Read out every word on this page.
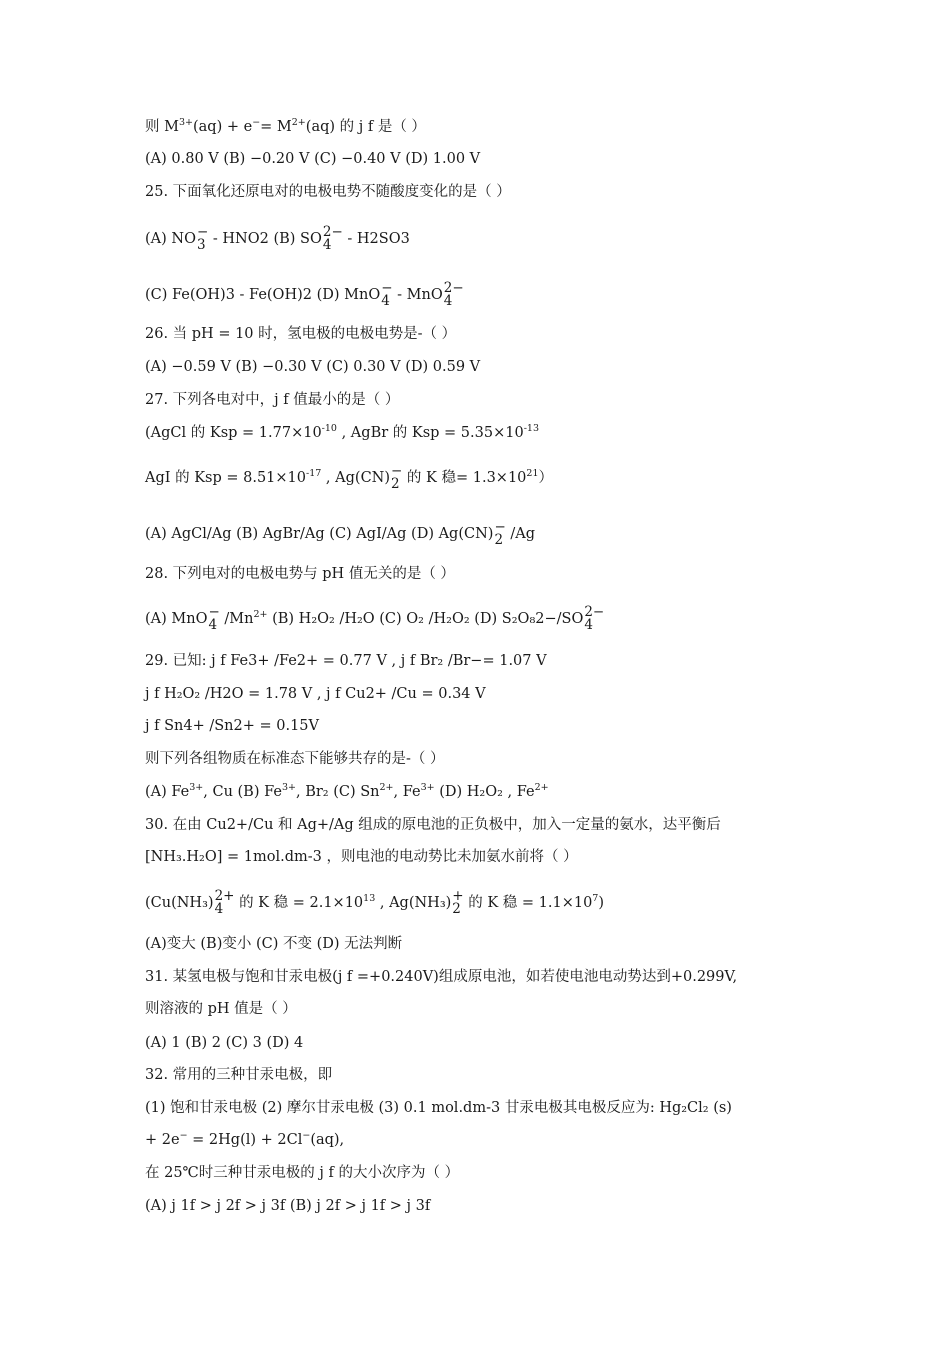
则 $M^{3+}(aq) + e^-= M^{2+}(aq)$ 的 j f 是（ ）
(A) 0.80 V (B) −0.20 V (C) −0.40 V (D) 1.00 V
25. 下面氧化还原电对的电极电势不随酸度变化的是（ ）
(A) NO −
3 - HNO2 (B) SO 2−
4 - H2SO3
(C) Fe(OH)3 - Fe(OH)2 (D) MnO −
4 - MnO 2−
4
26. 当 pH = 10 时，氢电极的电极电势是-（ ）
(A) −0.59 V (B) −0.30 V (C) 0.30 V (D) 0.59 V
27. 下列各电对中，j f 值最小的是（ ）
(AgCl 的 Ksp = $1.77\times 10^{-10}$ , AgBr 的 Ksp = $5.35\times 10^{-13}$
AgI 的 Ksp = $8.51\times 10^{-17}$ , Ag(CN) −
2 的 K 稳= $1.3\times 10^{21}$）
(A) AgCl/Ag (B) AgBr/Ag (C) AgI/Ag (D) Ag(CN) −
2 /Ag
28. 下列电对的电极电势与 pH 值无关的是（ ）
(A) MnO −
4 $/Mn^{2+}$ (B) H₂O₂ /H₂O (C) O₂ /H₂O₂ (D) S₂O₈2−/SO 2−
4
29. 已知: j f Fe3+ /Fe2+ = 0.77 V , j f Br₂ /Br−= 1.07 V
j f H₂O₂ /H2O = 1.78 V , j f Cu2+ /Cu = 0.34 V
j f Sn4+ /Sn2+ = 0.15V
则下列各组物质在标准态下能够共存的是-（ ）
(A) $Fe^{3+}$, Cu (B) $Fe^{3+}$, Br₂ (C) $Sn^{2+}$, $Fe^{3+}$ (D) H₂O₂ , $Fe^{2+}$
30. 在由 Cu2+/Cu 和 Ag+/Ag 组成的原电池的正负极中，加入一定量的氨水，达平衡后
[NH₃.H₂O] = 1mol.dm-3 ，则电池的电动势比未加氨水前将（ ）
(Cu(NH₃) 2+
4 的 K 稳 = $2.1\times 10^{13}$ , Ag(NH₃) +
2 的 K 稳 = $1.1\times 10^7$)
(A)变大 (B)变小 (C) 不变 (D) 无法判断
31. 某氢电极与饱和甘汞电极(j f =+0.240V)组成原电池，如若使电池电动势达到+0.299V,
则溶液的 pH 值是（ ）
(A) 1 (B) 2 (C) 3 (D) 4
32. 常用的三种甘汞电极，即
(1) 饱和甘汞电极 (2) 摩尔甘汞电极 (3) 0.1 mol.dm-3 甘汞电极其电极反应为: Hg₂Cl₂ (s)
+ 2e− = 2Hg(l) + 2Cl−(aq),
在 25℃时三种甘汞电极的 j f 的大小次序为（ ）
(A) j 1f > j 2f > j 3f (B) j 2f > j 1f > j 3f
